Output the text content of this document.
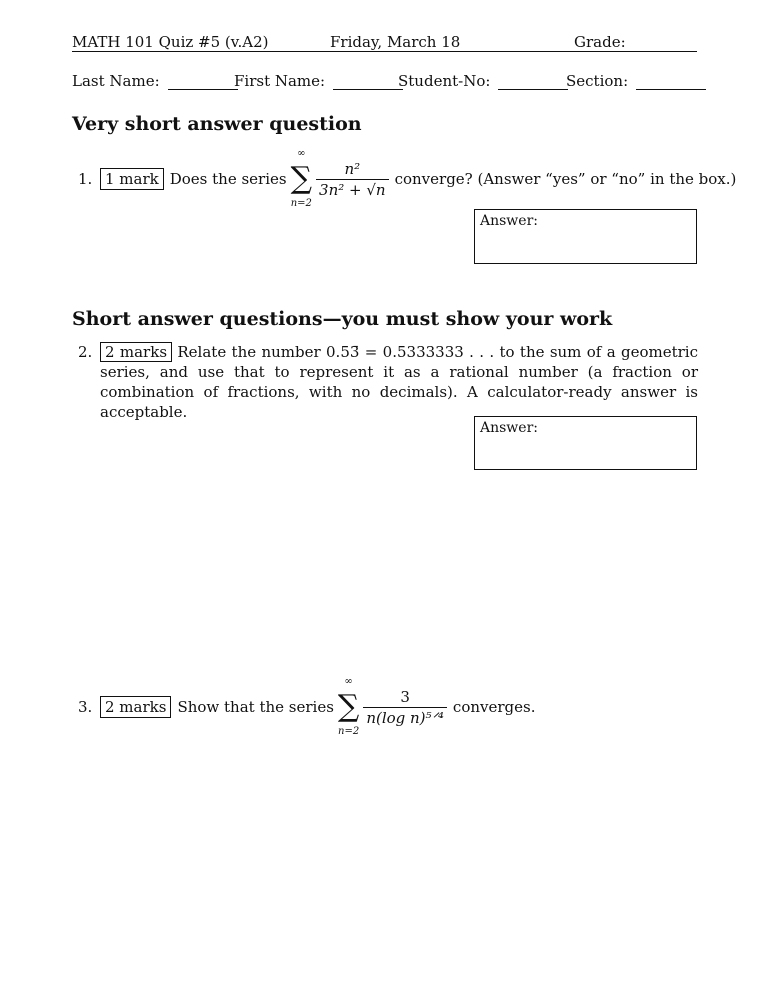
MATH 101 Quiz #5 (v.A2)	Friday, March 18	Grade:
Last Name:	First Name:	Student-No:	Section:
Very short answer question
1. 1 mark Does the series
∞
∑
n=2
$\frac{\text{n²}}{\text{3n² + √n}}$ converge? (Answer “yes” or “no” in the box.)
Answer:
Short answer questions—you must show your work
2. 2 marks Relate the number 0.53̄ = 0.5333333 . . . to the sum of a geometric series, and use that to represent it as a rational number (a fraction or combination of fractions, with no decimals). A calculator-ready answer is acceptable.
Answer:
3. 2 marks Show that the series
∞
∑
n=2
$\frac{3}{\text{n(log n)⁵ᐟ⁴}}$ converges.
